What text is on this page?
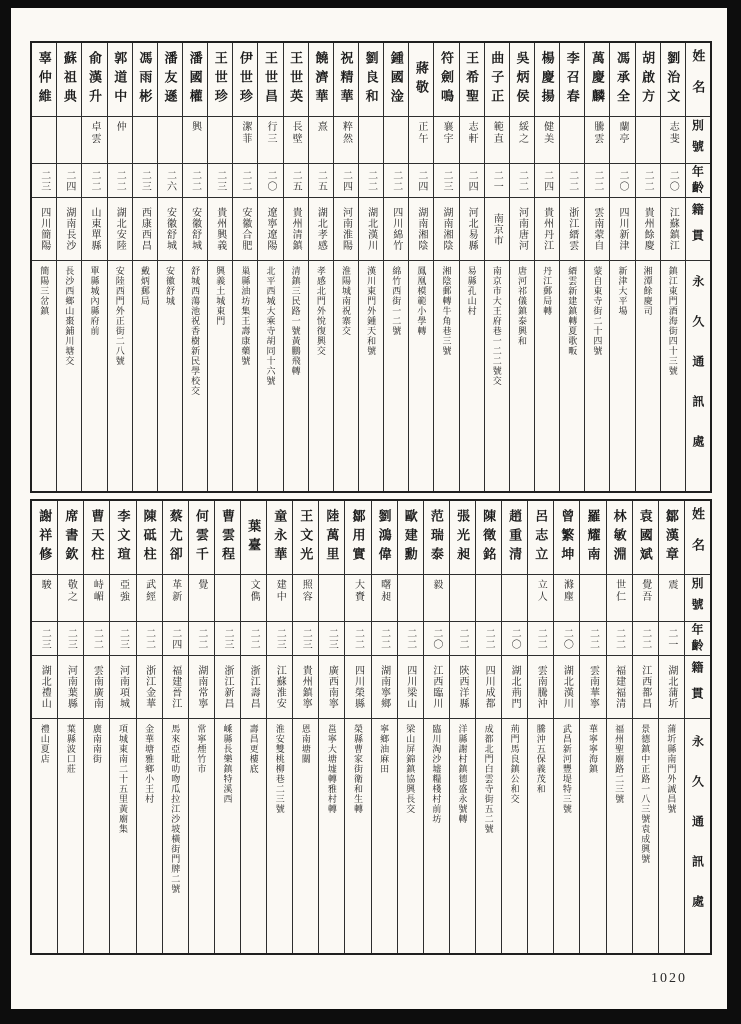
姓名
別號
年齡
籍貫
永久通訊處
劉治文
志斐
二〇
江蘇鎮江
鎮江東門酒海街四十三號
胡啟方
二二
貴州餘慶
湘潭餘慶司
馮承全
蘭亭
二〇
四川新津
新津大平場
萬慶麟
騰雲
二二
雲南蒙自
蒙自東寺街二十四號
李召春
二二
浙江縉雲
縉雲新建鎮轉夏歌畈
楊慶揚
健美
二四
貴州丹江
丹江郵局轉
吳炳侯
綏之
二二
河南唐河
唐河祁儀鎮泰興和
曲子正
範直
二一
南京市
南京市大王府巷一二二號交
王希聖
志軒
二四
河北易縣
易縣孔山村
符劍鳴
襄宇
二三
湖南湘陰
湘陰郵轉牛角巷三號
蔣敬
正午
二四
湖南湘陰
鳳凰模範小學轉
鍾國淦
二二
四川綿竹
綿竹西街一二號
劉良和
二二
湖北漢川
漢川東門外鍾天和號
祝精華
粹然
二四
河南淮陽
淮陽城南祝寨交
饒濟華
熹
二五
湖北孝感
孝感北門外悅復興交
王世英
長壁
二五
貴州清鎮
清鎮三民路一號黃鵬飛轉
王世昌
行三
二〇
遼寧遼陽
北平西城大乘寺胡同十六號
伊世珍
潔菲
二二
安徽合肥
巢縣油坊集王壽康藥號
王世珍
二三
貴州興義
興義土城東門
潘國權
興
二二
安徽舒城
舒城西蕩池祝香樹新民學校交
潘友遜
二六
安徽舒城
安徽舒城
馮雨彬
二三
西康西昌
戴炳郵局
郭道中
仲
二二
湖北安陸
安陸西門外正街二八號
俞漢升
卓雲
二二
山東單縣
單縣城內縣府前
蘇祖典
二四
湖南長沙
長沙西鄉山棗鋪川塘交
辜仲維
二三
四川簡陽
簡陽三岔鎮
姓名
別號
年齡
籍貫
永久通訊處
鄒漢章
震
二一
湖北蒲圻
蒲圻縣南門外誠昌號
袁國斌
覺吾
二二
江西都昌
景德鎮中正路一八三號袁成興號
林敏淵
世仁
二二
福建福清
福州聖廟路二三號
羅耀南
二二
雲南華寧
華寧寧海鎮
曾繁坤
滌塵
二〇
湖北漢川
武昌新河豐堤特三號
呂志立
立人
二二
雲南騰沖
騰沖五保義茂和
趙重清
二〇
湖北荊門
荊門馬良鎮公和交
陳徵銘
二二
四川成都
成都北門白雲寺街五二號
張光昶
二二
陝西洋縣
洋縣謝村鎮德盛永號轉
范瑞泰
毅
二〇
江西臨川
臨川淘沙墟糧棧村前坊
歐建勳
二二
四川梁山
梁山屏錦鎮協興長交
劉鴻偉
曙昶
二二
湖南寧鄉
寧鄉油麻田
鄒用實
大賚
二二
四川榮縣
榮縣曹家街衛和生轉
陸萬里
二三
廣西南寧
邕寧大塘墟轉雅村轉
王文光
照容
二三
貴州鎮寧
恩南塘關
童永華
建中
二三
江蘇淮安
淮安雙桃柳巷二三號
葉臺
文儁
二二
浙江壽昌
壽昌更樓底
曹雲程
二三
浙江新昌
嵊縣長樂鎮特溪西
何雲千
覺
二二
湖南常寧
常寧煙竹市
蔡尤卻
革新
二四
福建晉江
馬來亞吡叻吻瓜拉江沙坡橫街門牌二號
陳砥柱
武經
二二
浙江金華
金華塘雅鄉小王村
李文瑄
亞強
二三
河南項城
項城東南二十五里黃廟集
曹天柱
峙嵋
二二
雲南廣南
廣南南街
席書欽
敬之
二三
河南葉縣
葉縣波口莊
謝祥修
駿
二三
湖北禮山
禮山夏店
1020
